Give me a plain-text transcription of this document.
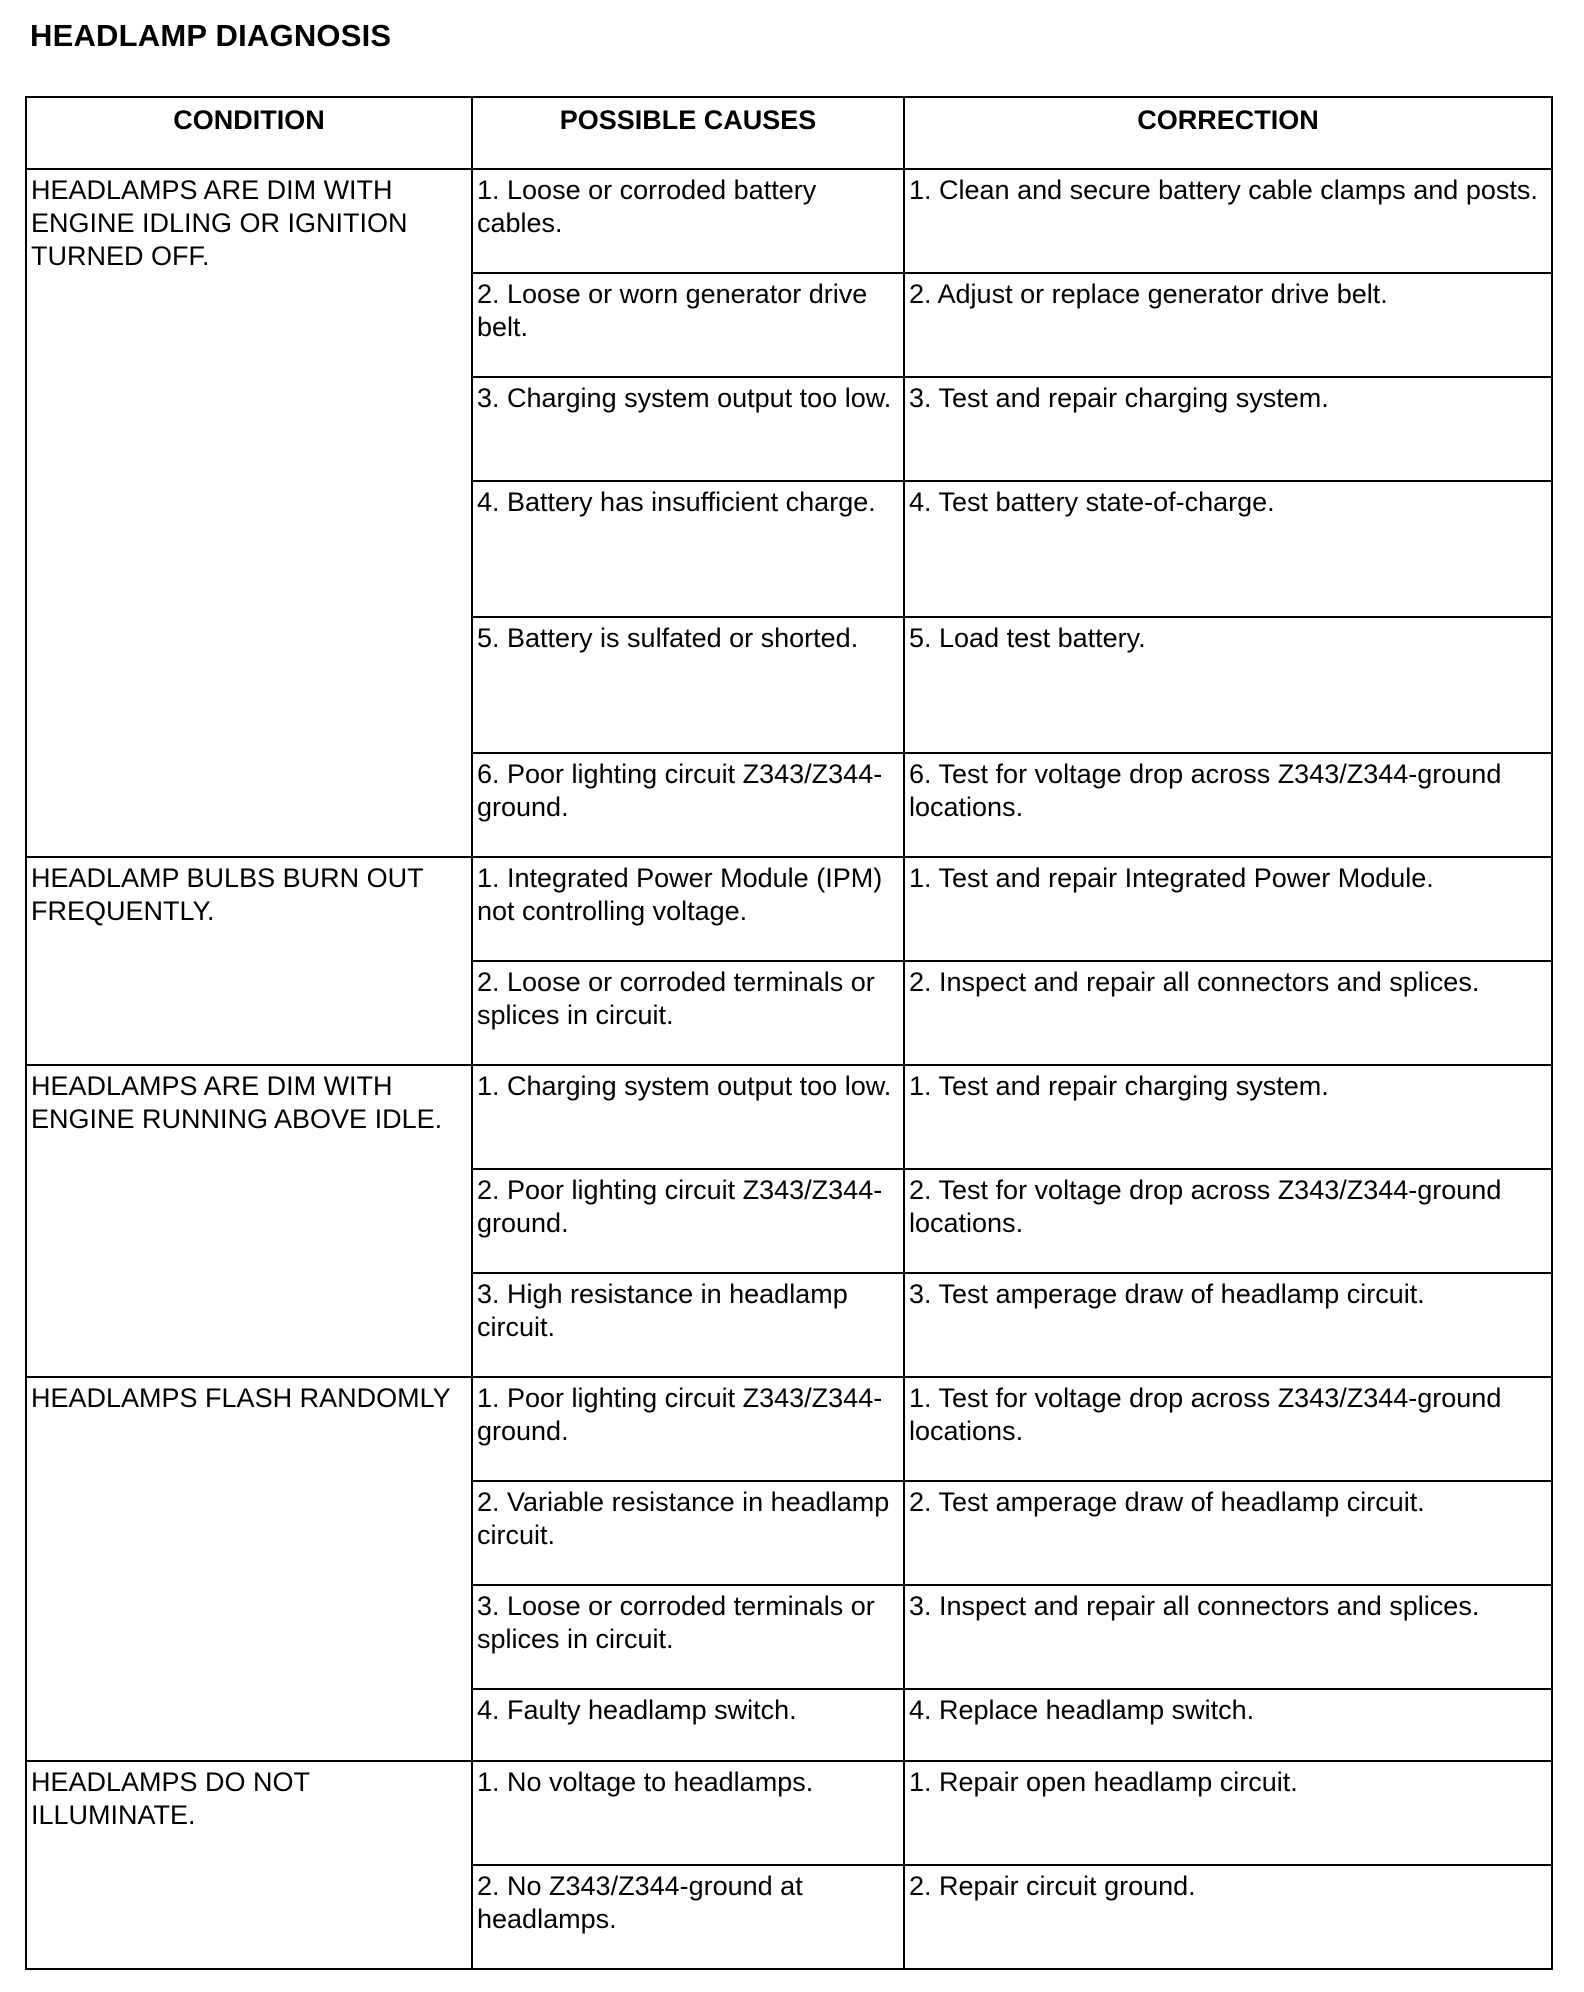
HEADLAMP DIAGNOSIS
CONDITION	POSSIBLE CAUSES	CORRECTION
HEADLAMPS ARE DIM WITH ENGINE IDLING OR IGNITION TURNED OFF.	1. Loose or corroded battery cables.	1. Clean and secure battery cable clamps and posts.
	2. Loose or worn generator drive belt.	2. Adjust or replace generator drive belt.
	3. Charging system output too low.	3. Test and repair charging system.
	4. Battery has insufficient charge.	4. Test battery state-of-charge.
	5. Battery is sulfated or shorted.	5. Load test battery.
	6. Poor lighting circuit Z343/Z344-ground.	6. Test for voltage drop across Z343/Z344-ground locations.
HEADLAMP BULBS BURN OUT FREQUENTLY.	1. Integrated Power Module (IPM) not controlling voltage.	1. Test and repair Integrated Power Module.
	2. Loose or corroded terminals or splices in circuit.	2. Inspect and repair all connectors and splices.
HEADLAMPS ARE DIM WITH ENGINE RUNNING ABOVE IDLE.	1. Charging system output too low.	1. Test and repair charging system.
	2. Poor lighting circuit Z343/Z344-ground.	2. Test for voltage drop across Z343/Z344-ground locations.
	3. High resistance in headlamp circuit.	3. Test amperage draw of headlamp circuit.
HEADLAMPS FLASH RANDOMLY	1. Poor lighting circuit Z343/Z344-ground.	1. Test for voltage drop across Z343/Z344-ground locations.
	2. Variable resistance in headlamp circuit.	2. Test amperage draw of headlamp circuit.
	3. Loose or corroded terminals or splices in circuit.	3. Inspect and repair all connectors and splices.
	4. Faulty headlamp switch.	4. Replace headlamp switch.
HEADLAMPS DO NOT ILLUMINATE.	1. No voltage to headlamps.	1. Repair open headlamp circuit.
	2. No Z343/Z344-ground at headlamps.	2. Repair circuit ground.
